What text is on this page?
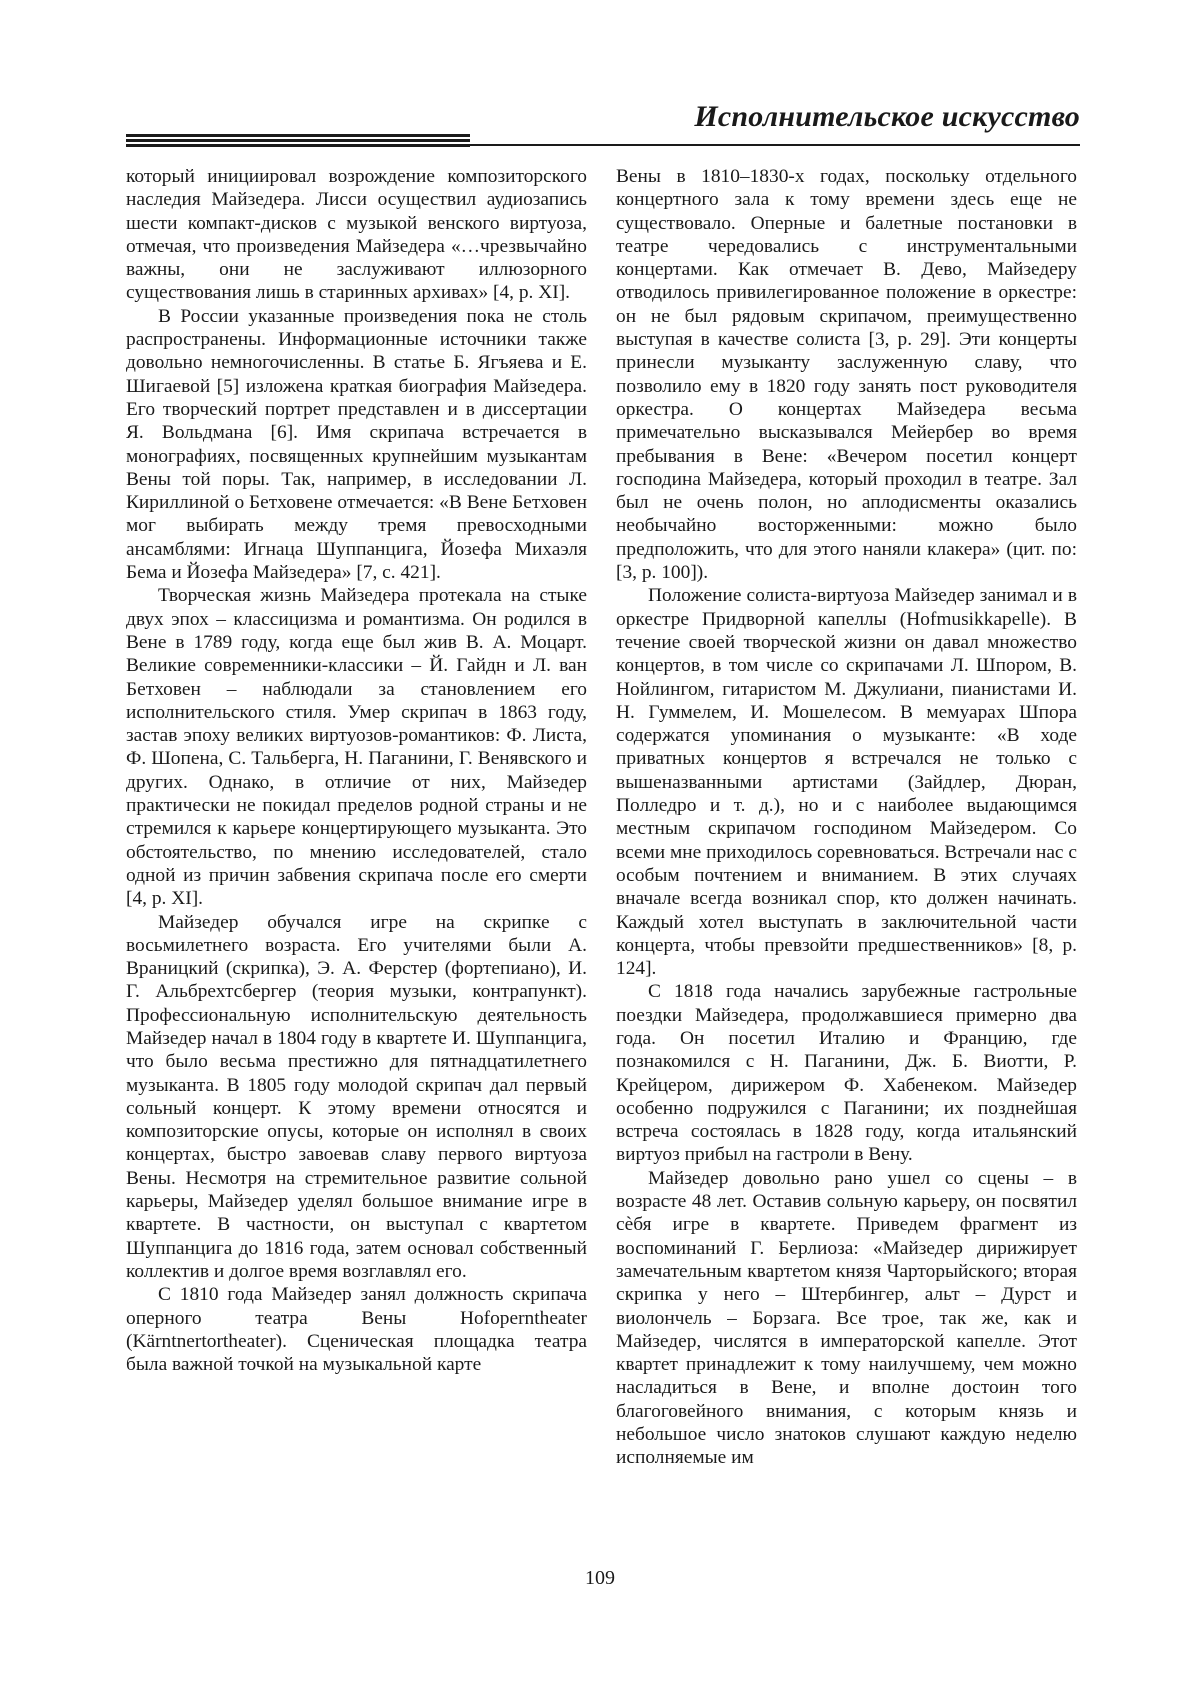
Исполнительское искусство

который инициировал возрождение композиторского наследия Майзедера. Лисси осуществил аудиозапись шести компакт-дисков с музыкой венского виртуоза, отмечая, что произведения Майзедера «…чрезвычайно важны, они не заслуживают иллюзорного существования лишь в старинных архивах» [4, p. XI].

В России указанные произведения пока не столь распространены. Информационные источники также довольно немногочисленны. В статье Б. Ягъяева и Е. Шигаевой [5] изложена краткая биография Майзедера. Его творческий портрет представлен и в диссертации Я. Вольдмана [6]. Имя скрипача встречается в монографиях, посвященных крупнейшим музыкантам Вены той поры. Так, например, в исследовании Л. Кириллиной о Бетховене отмечается: «В Вене Бетховен мог выбирать между тремя превосходными ансамблями: Игнаца Шуппанцига, Йозефа Михаэля Бема и Йозефа Майзедера» [7, с. 421].

Творческая жизнь Майзедера протекала на стыке двух эпох – классицизма и романтизма. Он родился в Вене в 1789 году, когда еще был жив В. А. Моцарт. Великие современники-классики – Й. Гайдн и Л. ван Бетховен – наблюдали за становлением его исполнительского стиля. Умер скрипач в 1863 году, застав эпоху великих виртуозов-романтиков: Ф. Листа, Ф. Шопена, С. Тальберга, Н. Паганини, Г. Венявского и других. Однако, в отличие от них, Майзедер практически не покидал пределов родной страны и не стремился к карьере концертирующего музыканта. Это обстоятельство, по мнению исследователей, стало одной из причин забвения скрипача после его смерти [4, p. XI].

Майзедер обучался игре на скрипке с восьмилетнего возраста. Его учителями были А. Враницкий (скрипка), Э. А. Ферстер (фортепиано), И. Г. Альбрехтсбергер (теория музыки, контрапункт). Профессиональную исполнительскую деятельность Майзедер начал в 1804 году в квартете И. Шуппанцига, что было весьма престижно для пятнадцатилетнего музыканта. В 1805 году молодой скрипач дал первый сольный концерт. К этому времени относятся и композиторские опусы, которые он исполнял в своих концертах, быстро завоевав славу первого виртуоза Вены. Несмотря на стремительное развитие сольной карьеры, Майзедер уделял большое внимание игре в квартете. В частности, он выступал с квартетом Шуппанцига до 1816 года, затем основал собственный коллектив и долгое время возглавлял его.

С 1810 года Майзедер занял должность скрипача оперного театра Вены Hofoperntheater (Kärntnertortheater). Сценическая площадка театра была важной точкой на музыкальной карте

Вены в 1810–1830-х годах, поскольку отдельного концертного зала к тому времени здесь еще не существовало. Оперные и балетные постановки в театре чередовались с инструментальными концертами. Как отмечает В. Дево, Майзедеру отводилось привилегированное положение в оркестре: он не был рядовым скрипачом, преимущественно выступая в качестве солиста [3, p. 29]. Эти концерты принесли музыканту заслуженную славу, что позволило ему в 1820 году занять пост руководителя оркестра. О концертах Майзедера весьма примечательно высказывался Мейербер во время пребывания в Вене: «Вечером посетил концерт господина Майзедера, который проходил в театре. Зал был не очень полон, но аплодисменты оказались необычайно восторженными: можно было предположить, что для этого наняли клакера» (цит. по: [3, p. 100]).

Положение солиста-виртуоза Майзедер занимал и в оркестре Придворной капеллы (Hofmusikkapelle). В течение своей творческой жизни он давал множество концертов, в том числе со скрипачами Л. Шпором, В. Нойлингом, гитаристом М. Джулиани, пианистами И. Н. Гуммелем, И. Мошелесом. В мемуарах Шпора содержатся упоминания о музыканте: «В ходе приватных концертов я встречался не только с вышеназванными артистами (Зайдлер, Дюран, Полледро и т. д.), но и с наиболее выдающимся местным скрипачом господином Майзедером. Со всеми мне приходилось соревноваться. Встречали нас с особым почтением и вниманием. В этих случаях вначале всегда возникал спор, кто должен начинать. Каждый хотел выступать в заключительной части концерта, чтобы превзойти предшественников» [8, p. 124].

С 1818 года начались зарубежные гастрольные поездки Майзедера, продолжавшиеся примерно два года. Он посетил Италию и Францию, где познакомился с Н. Паганини, Дж. Б. Виотти, Р. Крейцером, дирижером Ф. Хабенеком. Майзедер особенно подружился с Паганини; их позднейшая встреча состоялась в 1828 году, когда итальянский виртуоз прибыл на гастроли в Вену.

Майзедер довольно рано ушел со сцены – в возрасте 48 лет. Оставив сольную карьеру, он посвятил сѐбя игре в квартете. Приведем фрагмент из воспоминаний Г. Берлиоза: «Майзедер дирижирует замечательным квартетом князя Чарторыйского; вторая скрипка у него – Штербингер, альт – Дурст и виолончель – Борзага. Все трое, так же, как и Майзедер, числятся в императорской капелле. Этот квартет принадлежит к тому наилучшему, чем можно насладиться в Вене, и вполне достоин того благоговейного внимания, с которым князь и небольшое число знатоков слушают каждую неделю исполняемые им

109
